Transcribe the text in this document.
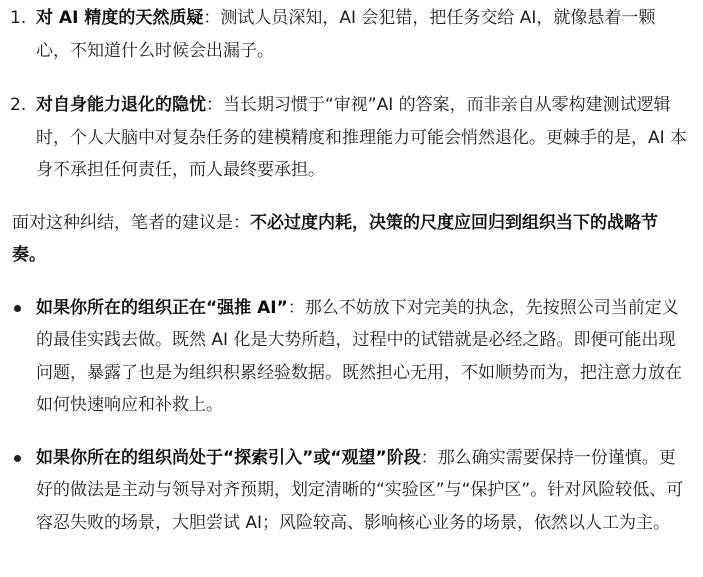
1. 对 AI 精度的天然质疑：测试人员深知，AI 会犯错，把任务交给 AI，就像悬着一颗心，不知道什么时候会出漏子。
2. 对自身能力退化的隐忧：当长期习惯于“审视”AI 的答案，而非亲自从零构建测试逻辑时，个人大脑中对复杂任务的建模精度和推理能力可能会悄然退化。更棘手的是，AI 本身不承担任何责任，而人最终要承担。
面对这种纠结，笔者的建议是：不必过度内耗，决策的尺度应回归到组织当下的战略节奏。
如果你所在的组织正在“强推 AI”：那么不妨放下对完美的执念，先按照公司当前定义的最佳实践去做。既然 AI 化是大势所趋，过程中的试错就是必经之路。即便可能出现问题，暴露了也是为组织积累经验数据。既然担心无用，不如顺势而为，把注意力放在如何快速响应和补救上。
如果你所在的组织尚处于“探索引入”或“观望”阶段：那么确实需要保持一份谨慎。更好的做法是主动与领导对齐预期，划定清晰的“实验区”与“保护区”。针对风险较低、可容忍失败的场景，大胆尝试 AI；风险较高、影响核心业务的场景，依然以人工为主。
